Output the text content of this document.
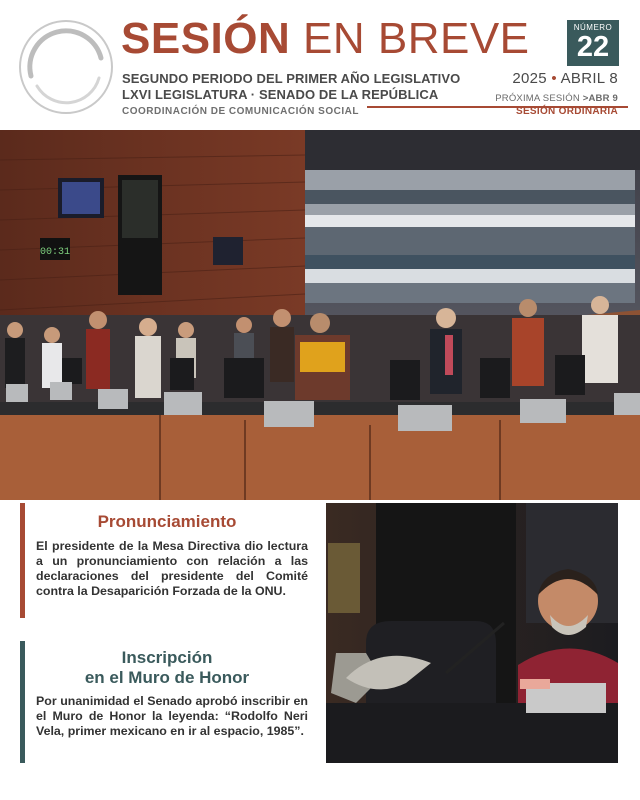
SESIÓN EN BREVE
SEGUNDO PERIODO DEL PRIMER AÑO LEGISLATIVO
LXVI LEGISLATURA · SENADO DE LA REPÚBLICA
COORDINACIÓN DE COMUNICACIÓN SOCIAL
NÚMERO
22
2025 • ABRIL 8
PRÓXIMA SESIÓN >ABR 9
SESIÓN ORDINARIA
00:31
Pronunciamiento

El presidente de la Mesa Directiva dio lectura a un pronunciamiento con relación a las declaraciones del presidente del Comité contra la Desaparición Forzada de la ONU.

Inscripción
en el Muro de Honor

Por unanimidad el Senado aprobó inscribir en el Muro de Honor la leyenda: “Rodolfo Neri Vela, primer mexicano en ir al espacio, 1985”.
